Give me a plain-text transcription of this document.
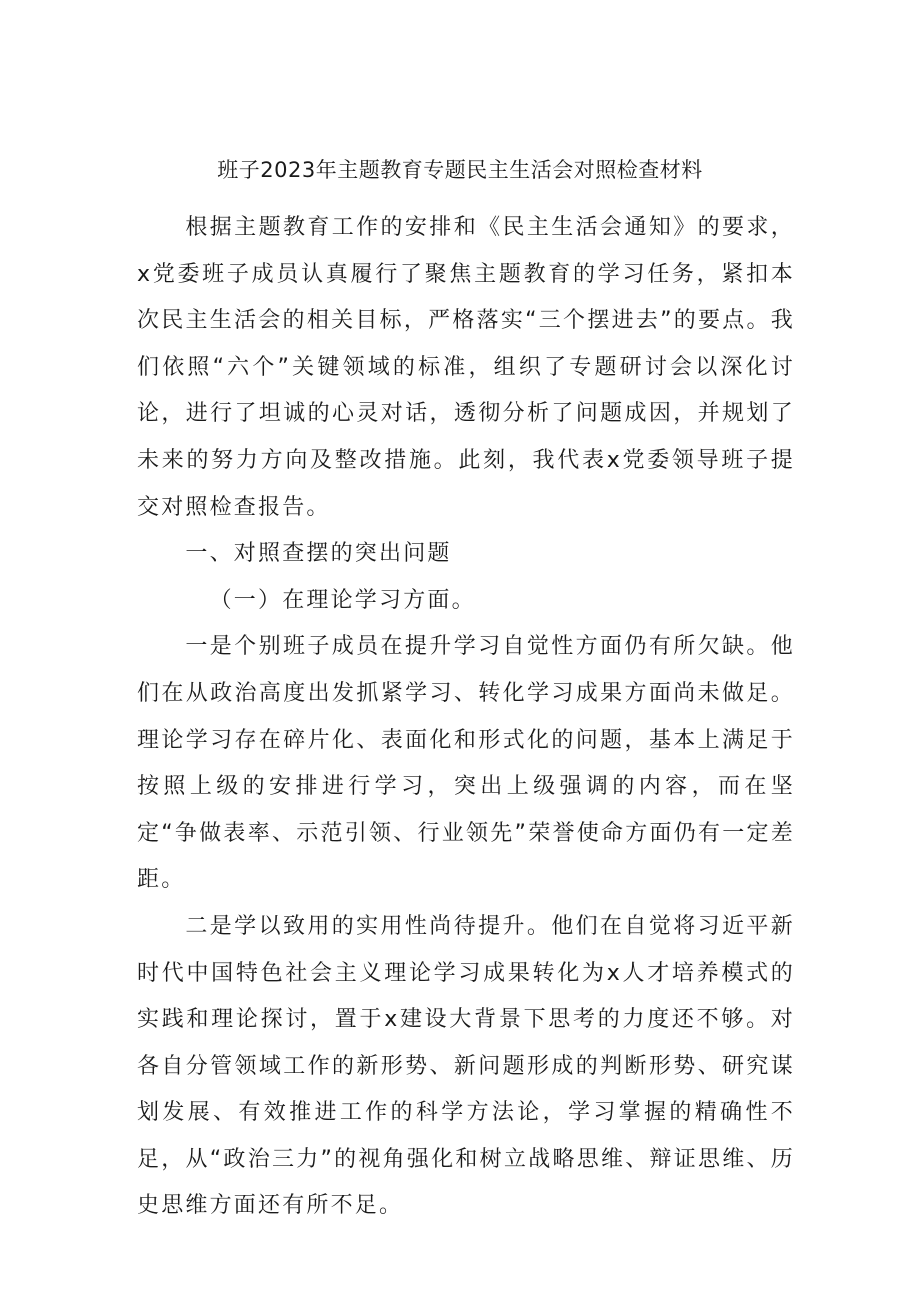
班子2023年主题教育专题民主生活会对照检查材料

根据主题教育工作的安排和《民主生活会通知》的要求，x党委班子成员认真履行了聚焦主题教育的学习任务，紧扣本次民主生活会的相关目标，严格落实“三个摆进去”的要点。我们依照“六个”关键领域的标准，组织了专题研讨会以深化讨论，进行了坦诚的心灵对话，透彻分析了问题成因，并规划了未来的努力方向及整改措施。此刻，我代表x党委领导班子提交对照检查报告。

一、对照查摆的突出问题

（一）在理论学习方面。

一是个别班子成员在提升学习自觉性方面仍有所欠缺。他们在从政治高度出发抓紧学习、转化学习成果方面尚未做足。理论学习存在碎片化、表面化和形式化的问题，基本上满足于按照上级的安排进行学习，突出上级强调的内容，而在坚定“争做表率、示范引领、行业领先”荣誉使命方面仍有一定差距。

二是学以致用的实用性尚待提升。他们在自觉将习近平新时代中国特色社会主义理论学习成果转化为x人才培养模式的实践和理论探讨，置于x建设大背景下思考的力度还不够。对各自分管领域工作的新形势、新问题形成的判断形势、研究谋划发展、有效推进工作的科学方法论，学习掌握的精确性不足，从“政治三力”的视角强化和树立战略思维、辩证思维、历史思维方面还有所不足。
